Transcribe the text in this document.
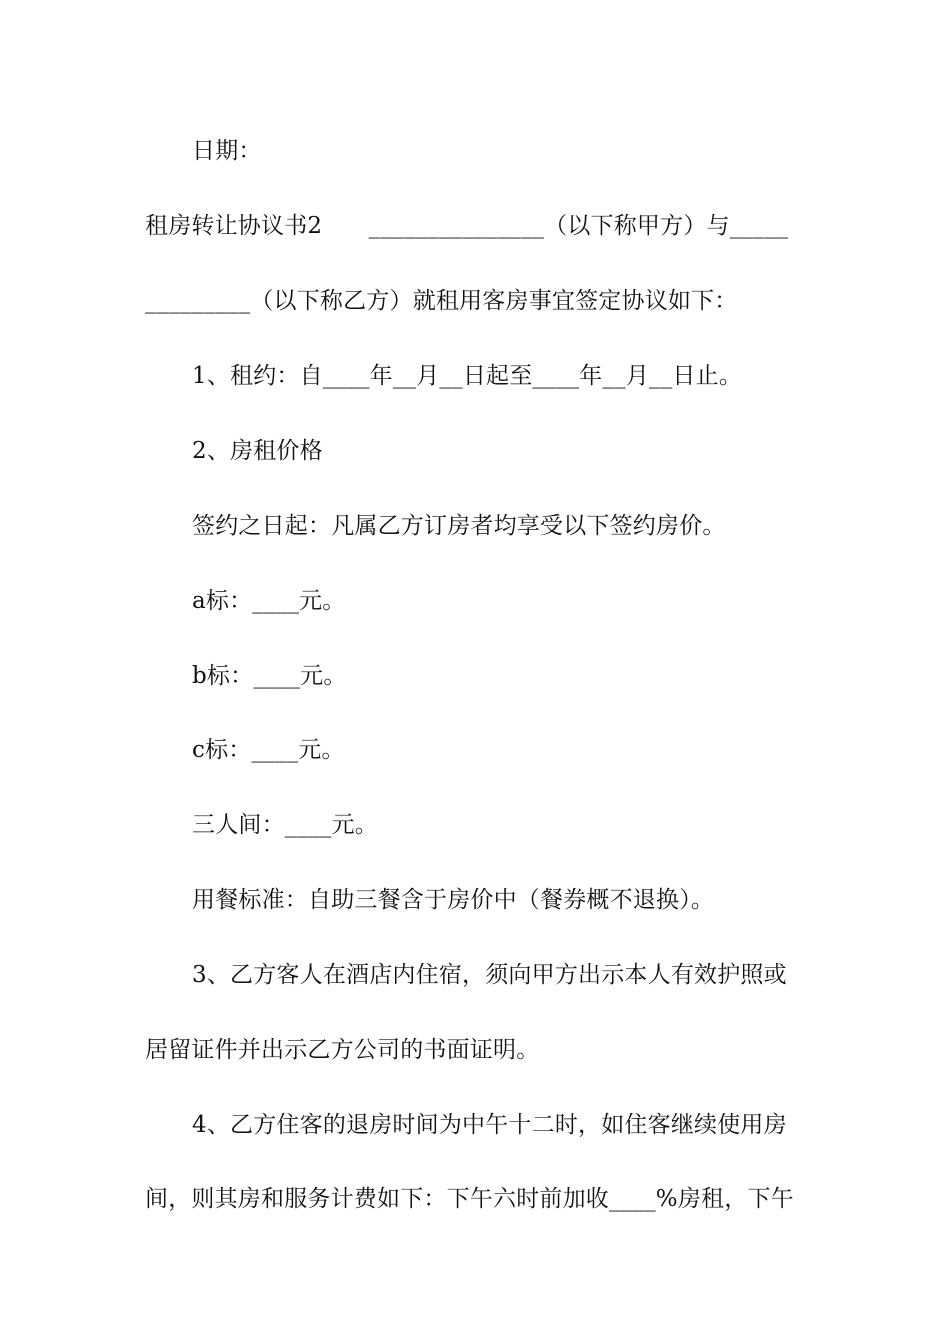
日期：
租房转让协议书2　　_______________（以下称甲方）与_____
_________（以下称乙方）就租用客房事宜签定协议如下：
1、租约：自____年__月__日起至____年__月__日止。
2、房租价格
签约之日起：凡属乙方订房者均享受以下签约房价。
a标：____元。
b标：____元。
c标：____元。
三人间：____元。
用餐标准：自助三餐含于房价中（餐券概不退换）。
3、乙方客人在酒店内住宿，须向甲方出示本人有效护照或
居留证件并出示乙方公司的书面证明。
4、乙方住客的退房时间为中午十二时，如住客继续使用房
间，则其房和服务计费如下：下午六时前加收____%房租，下午
